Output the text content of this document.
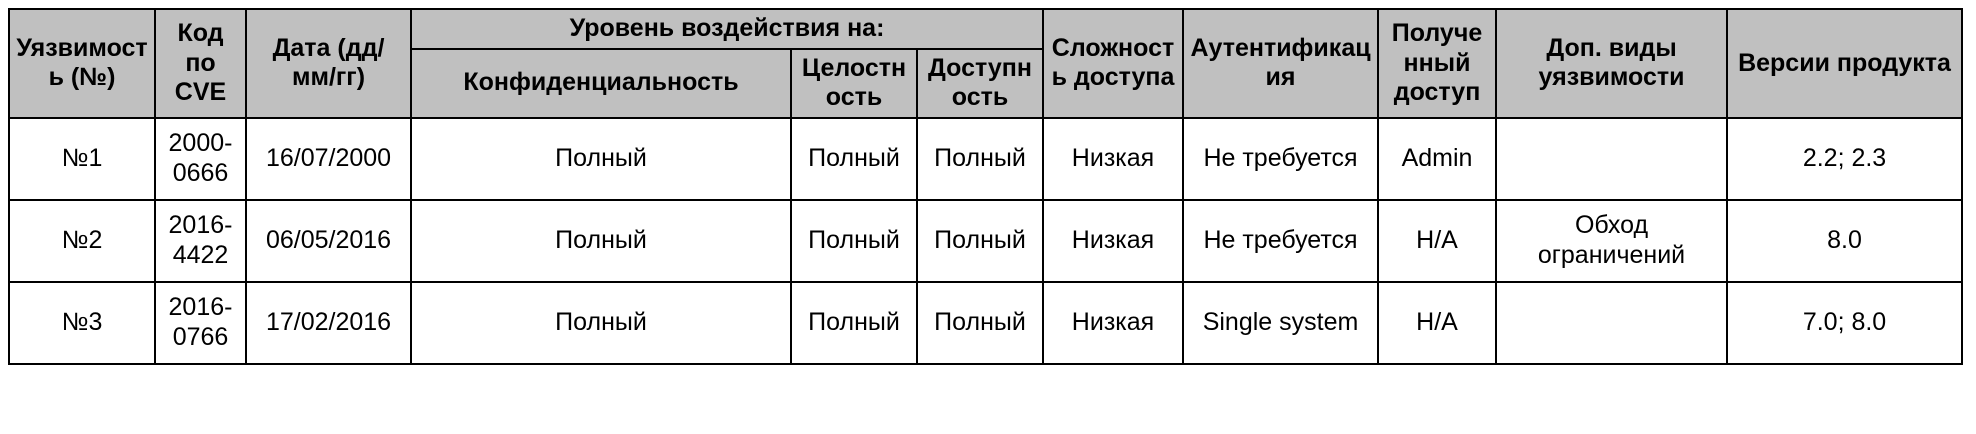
Уязвимость (№)	Код по CVE	Дата (дд/мм/гг)	Уровень воздействия на:			Сложность доступа	Аутентификация	Полученный доступ	Доп. виды уязвимости	Версии продукта
			Конфиденциальность	Целостность	Доступность					
№1	2000-0666	16/07/2000	Полный	Полный	Полный	Низкая	Не требуется	Admin		2.2; 2.3
№2	2016-4422	06/05/2016	Полный	Полный	Полный	Низкая	Не требуется	Н/А	Обход ограничений	8.0
№3	2016-0766	17/02/2016	Полный	Полный	Полный	Низкая	Single system	Н/А		7.0; 8.0
